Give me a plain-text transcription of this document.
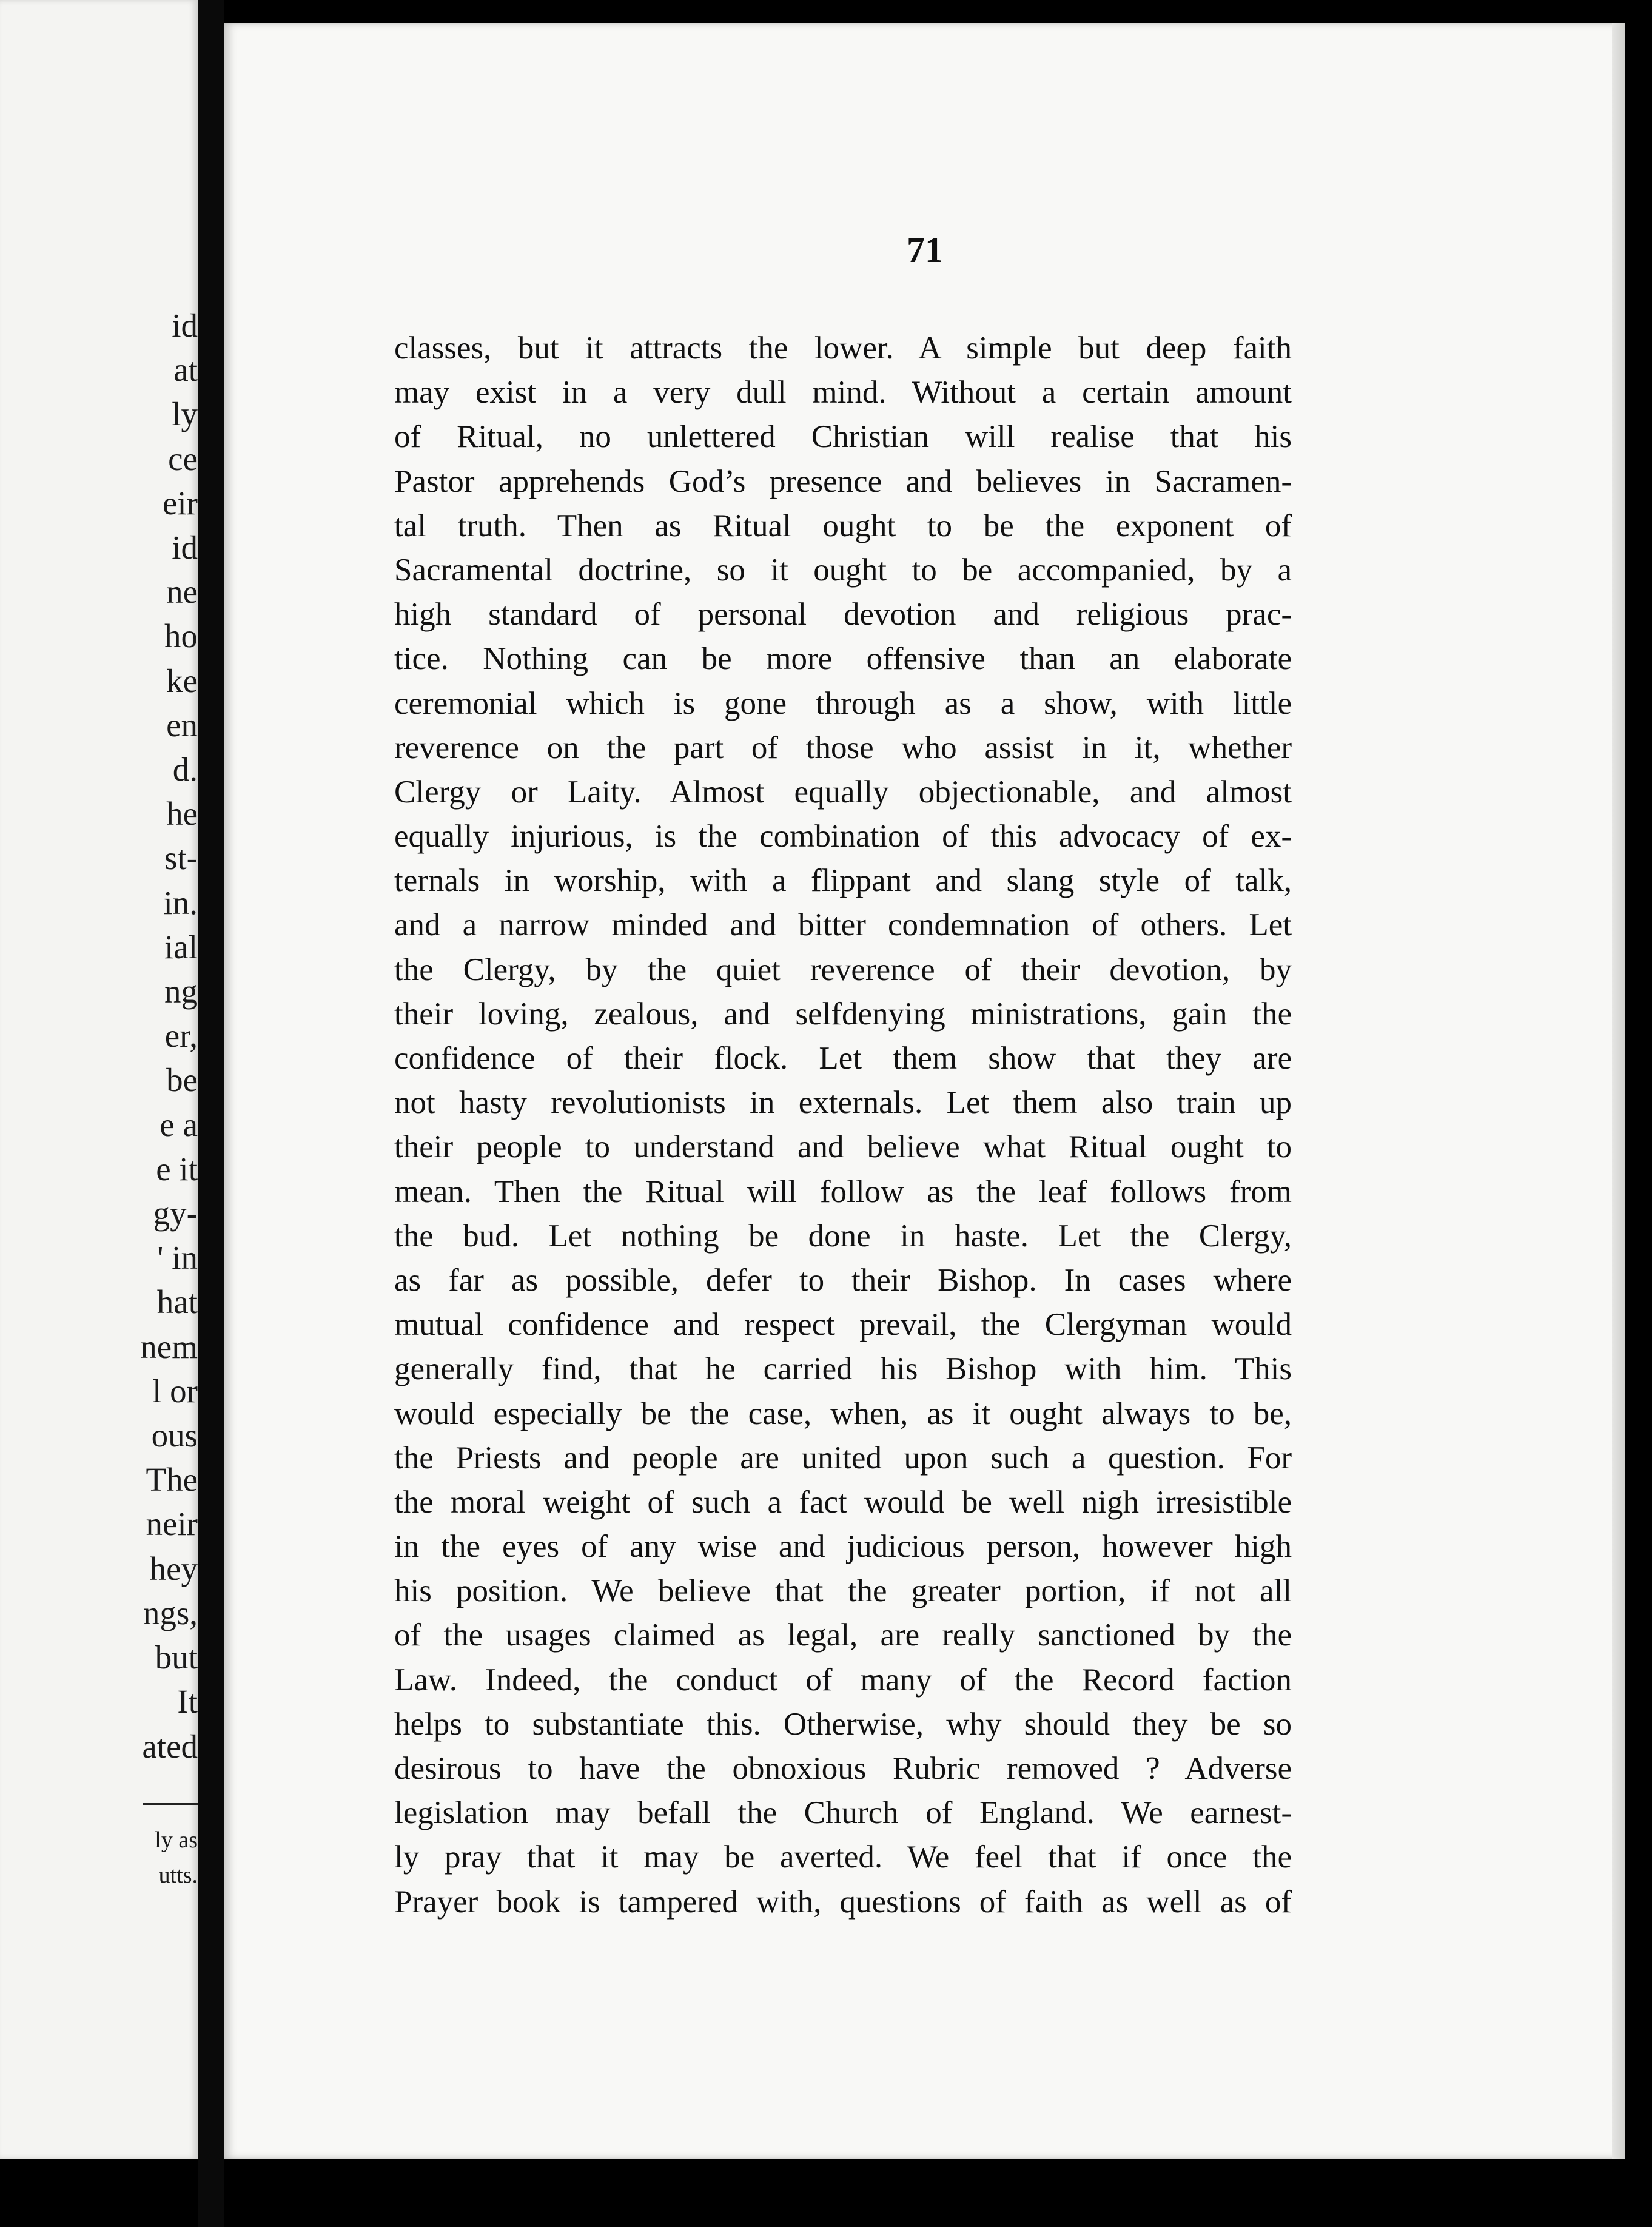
id
at
ly
ce
eir
id
ne
ho
ke
en
d.
he
st-
in.
ial
ng
er,
be
e a
e it
gy-
' in
hat
nem
l or
ous
The
neir
hey
ngs,
but
It
ated
ly as
utts.
71
classes, but it attracts the lower. A simple but deep faith
may exist in a very dull mind. Without a certain amount
of Ritual, no unlettered Christian will realise that his
Pastor apprehends God’s presence and believes in Sacramen-
tal truth. Then as Ritual ought to be the exponent of
Sacramental doctrine, so it ought to be accompanied, by a
high standard of personal devotion and religious prac-
tice. Nothing can be more offensive than an elaborate
ceremonial which is gone through as a show, with little
reverence on the part of those who assist in it, whether
Clergy or Laity. Almost equally objectionable, and almost
equally injurious, is the combination of this advocacy of ex-
ternals in worship, with a flippant and slang style of talk,
and a narrow minded and bitter condemnation of others. Let
the Clergy, by the quiet reverence of their devotion, by
their loving, zealous, and selfdenying ministrations, gain the
confidence of their flock. Let them show that they are
not hasty revolutionists in externals. Let them also train up
their people to understand and believe what Ritual ought to
mean. Then the Ritual will follow as the leaf follows from
the bud. Let nothing be done in haste. Let the Clergy,
as far as possible, defer to their Bishop. In cases where
mutual confidence and respect prevail, the Clergyman would
generally find, that he carried his Bishop with him. This
would especially be the case, when, as it ought always to be,
the Priests and people are united upon such a question. For
the moral weight of such a fact would be well nigh irresistible
in the eyes of any wise and judicious person, however high
his position. We believe that the greater portion, if not all
of the usages claimed as legal, are really sanctioned by the
Law. Indeed, the conduct of many of the Record faction
helps to substantiate this. Otherwise, why should they be so
desirous to have the obnoxious Rubric removed ? Adverse
legislation may befall the Church of England. We earnest-
ly pray that it may be averted. We feel that if once the
Prayer book is tampered with, questions of faith as well as of
